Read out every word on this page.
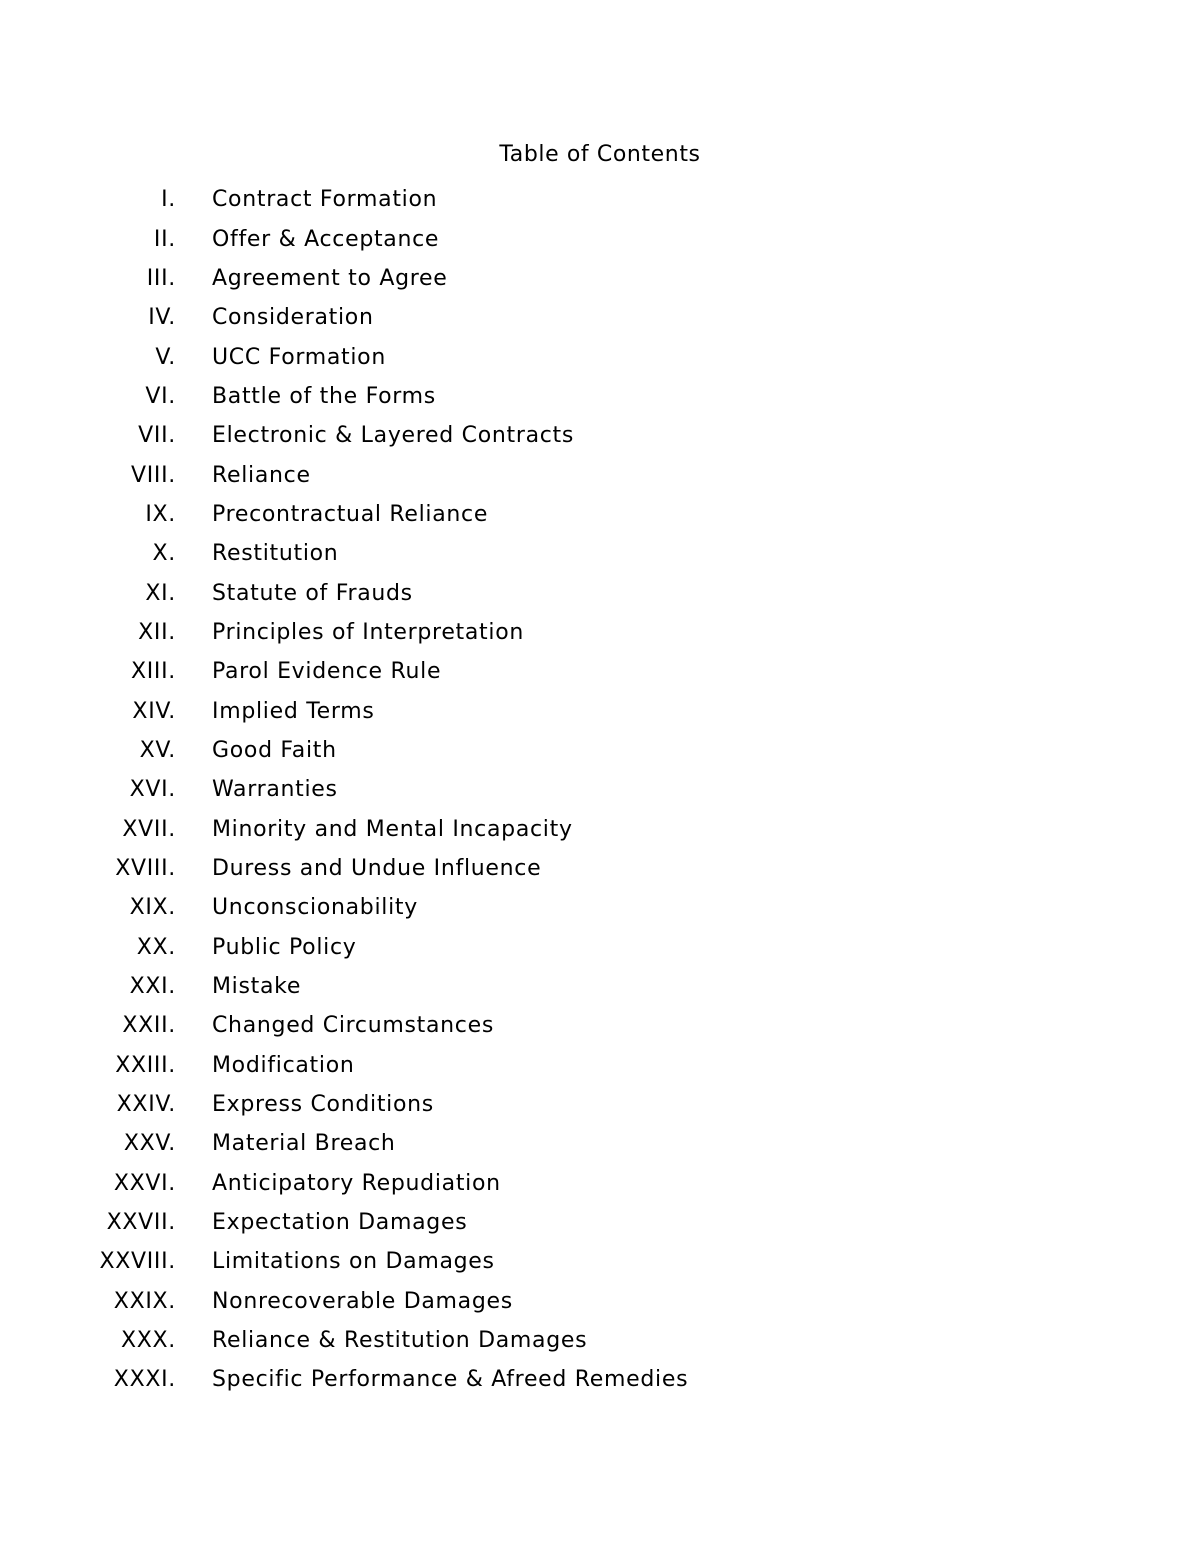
Table of Contents
I. Contract Formation
II. Offer & Acceptance
III. Agreement to Agree
IV. Consideration
V. UCC Formation
VI. Battle of the Forms
VII. Electronic & Layered Contracts
VIII. Reliance
IX. Precontractual Reliance
X. Restitution
XI. Statute of Frauds
XII. Principles of Interpretation
XIII. Parol Evidence Rule
XIV. Implied Terms
XV. Good Faith
XVI. Warranties
XVII. Minority and Mental Incapacity
XVIII. Duress and Undue Influence
XIX. Unconscionability
XX. Public Policy
XXI. Mistake
XXII. Changed Circumstances
XXIII. Modification
XXIV. Express Conditions
XXV. Material Breach
XXVI. Anticipatory Repudiation
XXVII. Expectation Damages
XXVIII. Limitations on Damages
XXIX. Nonrecoverable Damages
XXX. Reliance & Restitution Damages
XXXI. Specific Performance & Afreed Remedies
